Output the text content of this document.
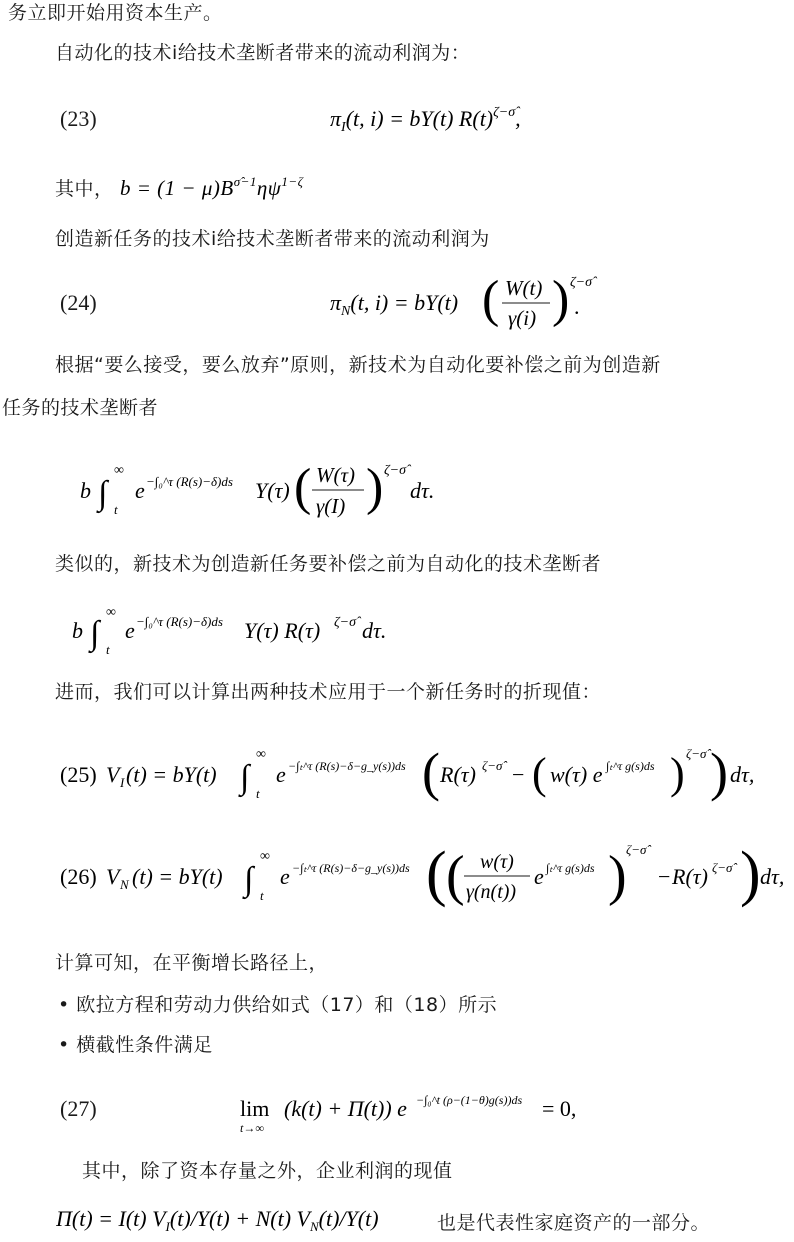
务立即开始用资本生产。
自动化的技术i给技术垄断者带来的流动利润为：
(23)	$\pi_I(t$, i) = bY(t) $R(t)^{\zeta-\sigmâ}$,
其中， $b = (1 - \mu)B^{\sigmâ-1}\eta\psi^{1-\zeta}$
创造新任务的技术i给技术垄断者带来的流动利润为
(24)	$\pi_N(t$, i) = bY(t) ( W(t)
γ(i) ) ζ−σ̂
.
根据“要么接受，要么放弃”原则，新技术为自动化要补偿之前为创造新
任务的技术垄断者
b ∫
∞
t
e −∫₀^τ (R(s)−δ)ds Y(τ) ( W(τ)
γ(I) ) ζ−σ̂
dτ.
类似的，新技术为创造新任务要补偿之前为自动化的技术垄断者
b ∫
∞
t
e −∫₀^τ (R(s)−δ)ds Y(τ) R(τ) ζ−σ̂ dτ.
进而，我们可以计算出两种技术应用于一个新任务时的折现值：
(25) V I (t) = bY(t) ∫
∞
t
e −∫ₜ^τ (R(s)−δ−g_y(s))ds ( R(τ) ζ−σ̂ − ( w(τ) e ∫ₜ^τ g(s)ds ) ζ−σ̂ ) dτ,
(26) V N (t) = bY(t) ∫
∞
t
e −∫ₜ^τ (R(s)−δ−g_y(s))ds ( ( w(τ)
γ(n(t))
e ∫ₜ^τ g(s)ds ) ζ−σ̂
− R(τ) ζ−σ̂ ) dτ,
计算可知，在平衡增长路径上，
• 欧拉方程和劳动力供给如式（17）和（18）所示
• 横截性条件满足
(27)	lim
t→∞
(k(t) + Π(t)) e −∫₀^t (ρ−(1−θ)g(s))ds = 0,
其中，除了资本存量之外，企业利润的现值
Π(t) = I(t) $V_I(t)/Y(t) + N(t)$ $V_N(t)/Y(t)$	也是代表性家庭资产的一部分。
